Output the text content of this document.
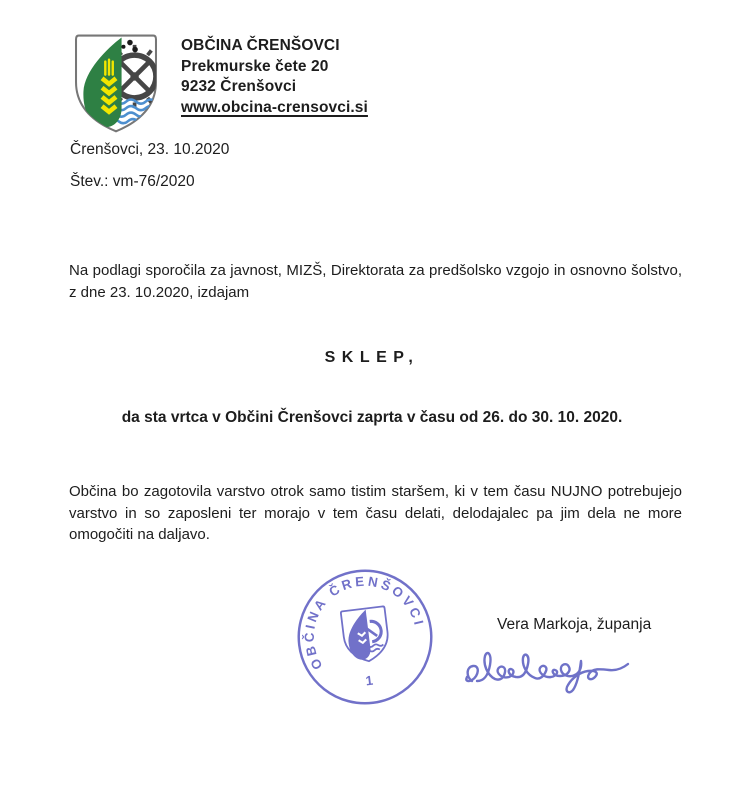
OBČINA ČRENŠOVCI
Prekmurske čete 20
9232 Črenšovci
www.obcina-crensovci.si
Črenšovci, 23. 10.2020
Štev.: vm-76/2020

Na podlagi sporočila za javnost, MIZŠ, Direktorata za predšolsko vzgojo in osnovno šolstvo, z dne 23. 10.2020, izdajam

SKLEP,

da sta vrtca v Občini Črenšovci zaprta v času od 26. do 30. 10. 2020.

Občina bo zagotovila varstvo otrok samo tistim staršem, ki v tem času NUJNO potrebujejo varstvo in so zaposleni ter morajo v tem času delati, delodajalec pa jim dela ne more omogočiti na daljavo.

OBČINA ČRENŠOVCI
1
Vera Markoja, županja
